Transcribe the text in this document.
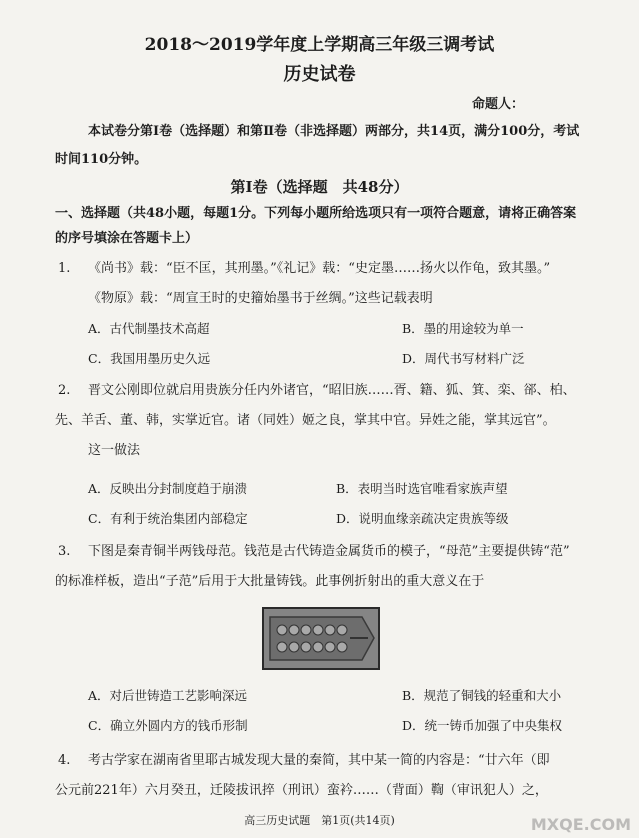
2018～2019学年度上学期高三年级三调考试
历史试卷
命题人：
本试卷分第Ⅰ卷（选择题）和第Ⅱ卷（非选择题）两部分，共14页，满分100分，考试
时间110分钟。
第Ⅰ卷（选择题　共48分）
一、选择题（共48小题，每题1分。下列每小题所给选项只有一项符合题意，请将正确答案
的序号填涂在答题卡上）
1. 《尚书》载：“臣不匡，其刑墨。”《礼记》载：“史定墨……扬火以作龟，致其墨。”
《物原》载：“周宣王时的史籀始墨书于丝绸。”这些记载表明
A．古代制墨技术高超	B．墨的用途较为单一
C．我国用墨历史久远	D．周代书写材料广泛
2. 晋文公刚即位就启用贵族分任内外诸官，“昭旧族……胥、籍、狐、箕、栾、郤、柏、
先、羊舌、董、韩，实掌近官。诸（同姓）姬之良，掌其中官。异姓之能，掌其远官”。
这一做法
A．反映出分封制度趋于崩溃	B．表明当时选官唯看家族声望
C．有利于统治集团内部稳定	D．说明血缘亲疏决定贵族等级
3. 下图是秦青铜半两钱母范。钱范是古代铸造金属货币的模子，“母范”主要提供铸“范”
的标准样板，造出“子范”后用于大批量铸钱。此事例折射出的重大意义在于
A．对后世铸造工艺影响深远	B．规范了铜钱的轻重和大小
C．确立外圆内方的钱币形制	D．统一铸币加强了中央集权
4. 考古学家在湖南省里耶古城发现大量的秦简，其中某一简的内容是：“廿六年（即
公元前221年）六月癸丑，迁陵拔讯捽（刑讯）蛮衿……（背面）鞫（审讯犯人）之，
高三历史试题　第1页(共14页)	MXQE.COM
